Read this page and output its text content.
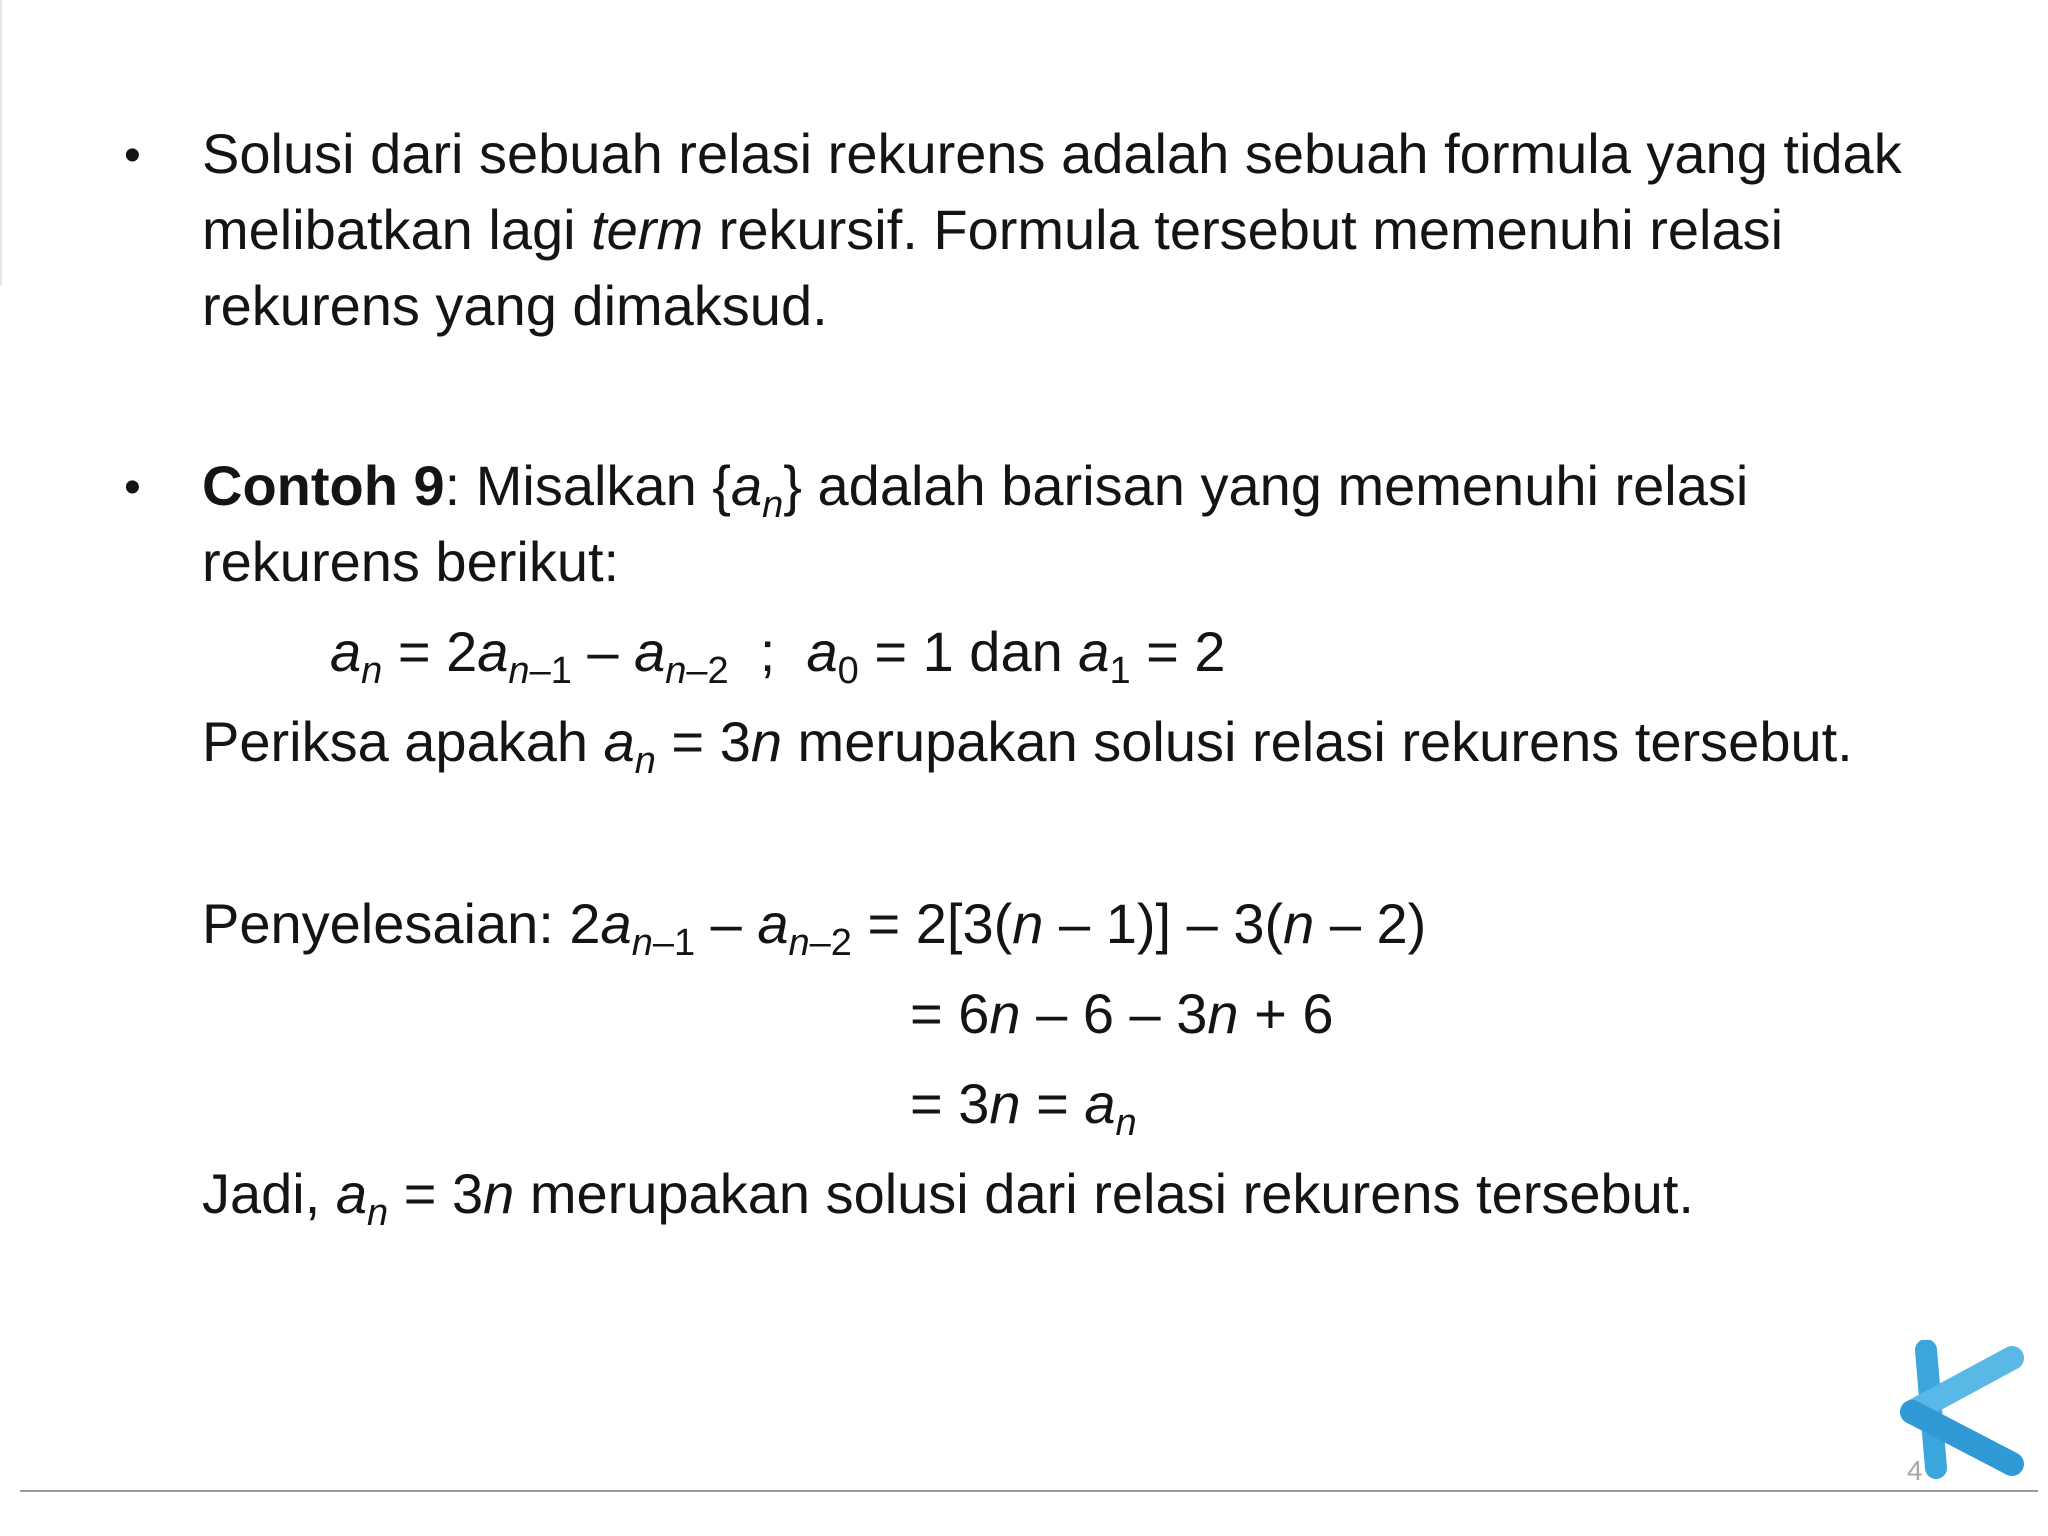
• Solusi dari sebuah relasi rekurens adalah sebuah formula yang tidak
melibatkan lagi term rekursif. Formula tersebut memenuhi relasi
rekurens yang dimaksud.
• Contoh 9: Misalkan $\{a_n\}$ adalah barisan yang memenuhi relasi
rekurens berikut:
$a_n = 2a_{n-1} - a_{n-2}$  ;  $a_0 = 1$ dan $a_1 = 2$
Periksa apakah $a_n = 3n$ merupakan solusi relasi rekurens tersebut.
Penyelesaian: $2a_{n-1} - a_{n-2} = 2[3(n - 1)] - 3(n - 2)$
= 6n – 6 – 3n + 6
= $3n = a_n$
Jadi, $a_n = 3n$ merupakan solusi dari relasi rekurens tersebut.
4
